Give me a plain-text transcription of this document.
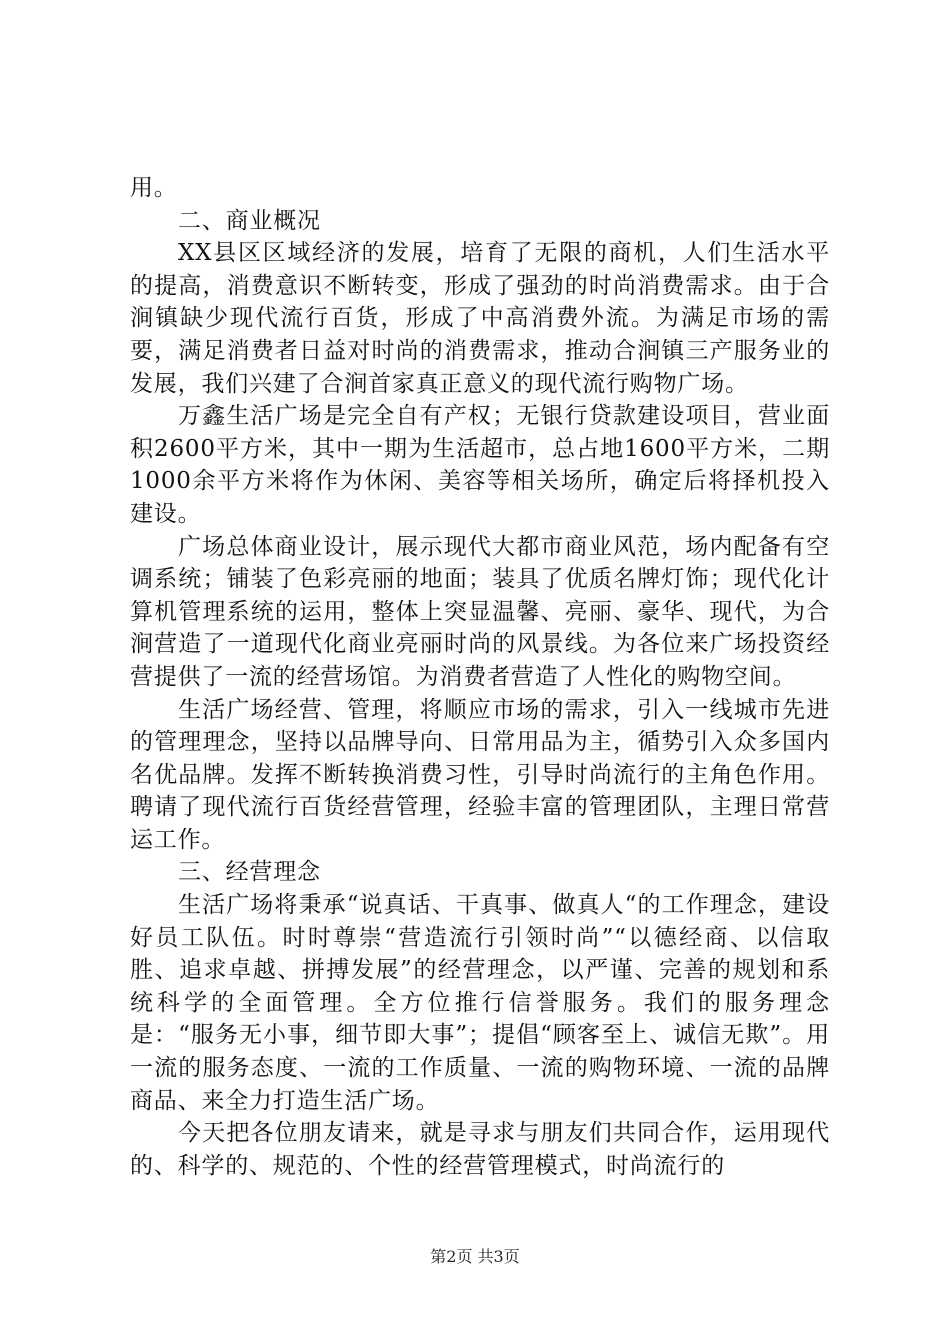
用。

二、商业概况

XX县区区域经济的发展，培育了无限的商机，人们生活水平的提高，消费意识不断转变，形成了强劲的时尚消费需求。由于合涧镇缺少现代流行百货，形成了中高消费外流。为满足市场的需要，满足消费者日益对时尚的消费需求，推动合涧镇三产服务业的发展，我们兴建了合涧首家真正意义的现代流行购物广场。

万鑫生活广场是完全自有产权；无银行贷款建设项目，营业面积2600平方米，其中一期为生活超市，总占地1600平方米，二期1000余平方米将作为休闲、美容等相关场所，确定后将择机投入建设。

广场总体商业设计，展示现代大都市商业风范，场内配备有空调系统；铺装了色彩亮丽的地面；装具了优质名牌灯饰；现代化计算机管理系统的运用，整体上突显温馨、亮丽、豪华、现代，为合涧营造了一道现代化商业亮丽时尚的风景线。为各位来广场投资经营提供了一流的经营场馆。为消费者营造了人性化的购物空间。

生活广场经营、管理，将顺应市场的需求，引入一线城市先进的管理理念，坚持以品牌导向、日常用品为主，循势引入众多国内名优品牌。发挥不断转换消费习性，引导时尚流行的主角色作用。聘请了现代流行百货经营管理，经验丰富的管理团队，主理日常营运工作。

三、经营理念

生活广场将秉承“说真话、干真事、做真人“的工作理念，建设好员工队伍。时时尊崇“营造流行引领时尚”“以德经商、以信取胜、追求卓越、拼搏发展”的经营理念，以严谨、完善的规划和系统科学的全面管理。全方位推行信誉服务。我们的服务理念是：“服务无小事，细节即大事”；提倡“顾客至上、诚信无欺”。用一流的服务态度、一流的工作质量、一流的购物环境、一流的品牌商品、来全力打造生活广场。

今天把各位朋友请来，就是寻求与朋友们共同合作，运用现代的、科学的、规范的、个性的经营管理模式，时尚流行的

第2页 共3页
